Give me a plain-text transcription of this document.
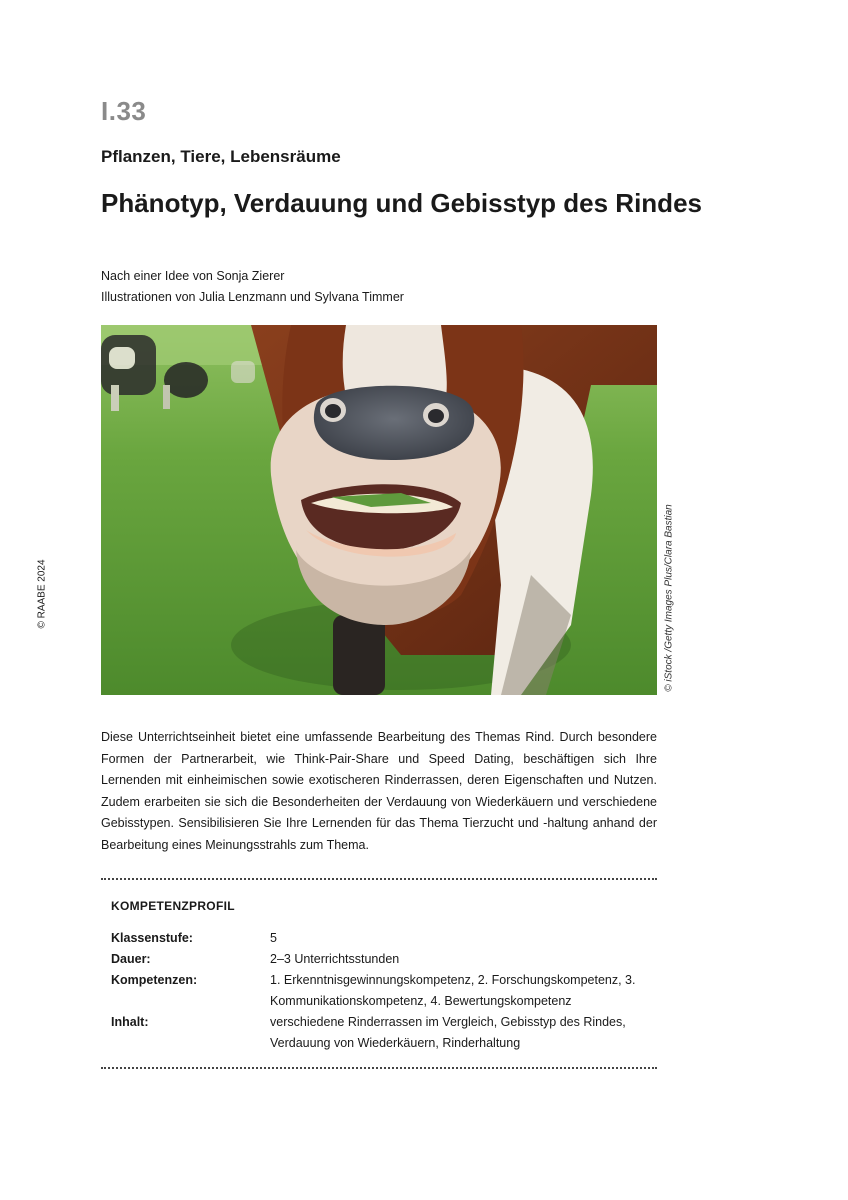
I.33
Pflanzen, Tiere, Lebensräume
Phänotyp, Verdauung und Gebisstyp des Rindes
Nach einer Idee von Sonja Zierer
Illustrationen von Julia Lenzmann und Sylvana Timmer
© RAABE 2024	© iStock /Getty Images Plus/Clara Bastian

Diese Unterrichtseinheit bietet eine umfassende Bearbeitung des Themas Rind. Durch besondere Formen der Partnerarbeit, wie Think-Pair-Share und Speed Dating, beschäftigen sich Ihre Lernenden mit einheimischen sowie exotischeren Rinderrassen, deren Eigenschaften und Nutzen. Zudem erarbeiten sie sich die Besonderheiten der Verdauung von Wiederkäuern und verschiedene Gebisstypen. Sensibilisieren Sie Ihre Lernenden für das Thema Tierzucht und -haltung anhand der Bearbeitung eines Meinungsstrahls zum Thema.

KOMPETENZPROFIL
Klassenstufe:	5
Dauer:	2–3 Unterrichtsstunden
Kompetenzen:	1. Erkenntnisgewinnungskompetenz, 2. Forschungskompetenz, 3. Kommunikationskompetenz, 4. Bewertungskompetenz
Inhalt:	verschiedene Rinderrassen im Vergleich, Gebisstyp des Rindes, Verdauung von Wiederkäuern, Rinderhaltung
